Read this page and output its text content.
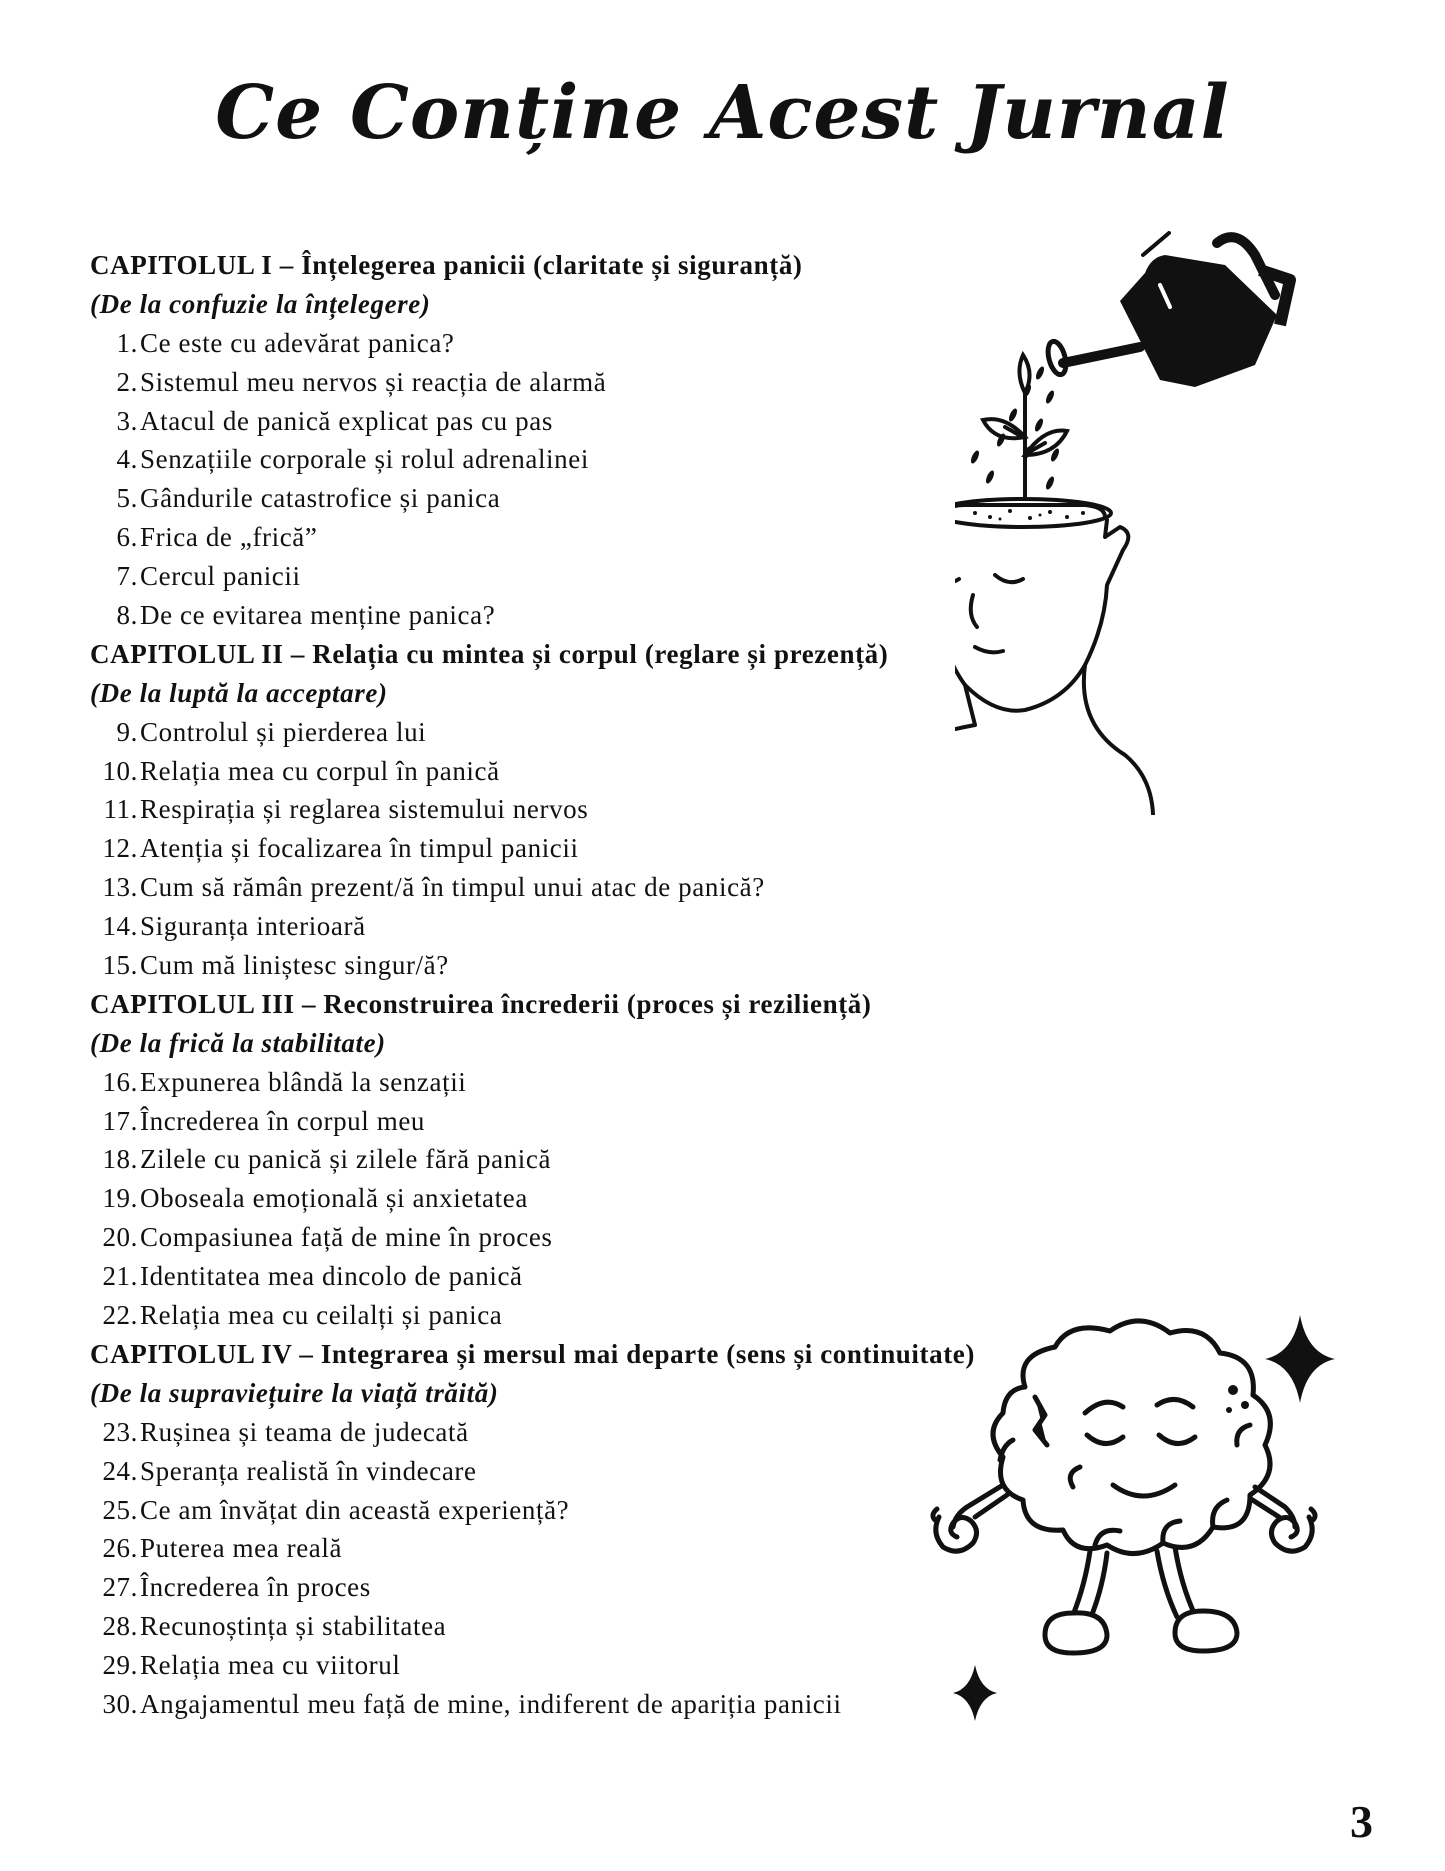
Ce Conține Acest Jurnal
CAPITOLUL I – Înțelegerea panicii (claritate și siguranță)
(De la confuzie la înțelegere)
1. Ce este cu adevărat panica?
2. Sistemul meu nervos și reacția de alarmă
3. Atacul de panică explicat pas cu pas
4. Senzațiile corporale și rolul adrenalinei
5. Gândurile catastrofice și panica
6. Frica de „frică”
7. Cercul panicii
8. De ce evitarea menține panica?
CAPITOLUL II – Relația cu mintea și corpul (reglare și prezență)
(De la luptă la acceptare)
9. Controlul și pierderea lui
10. Relația mea cu corpul în panică
11. Respirația și reglarea sistemului nervos
12. Atenția și focalizarea în timpul panicii
13. Cum să rămân prezent/ă în timpul unui atac de panică?
14. Siguranța interioară
15. Cum mă liniștesc singur/ă?
CAPITOLUL III – Reconstruirea încrederii (proces și reziliență)
(De la frică la stabilitate)
16. Expunerea blândă la senzații
17. Încrederea în corpul meu
18. Zilele cu panică și zilele fără panică
19. Oboseala emoțională și anxietatea
20. Compasiunea față de mine în proces
21. Identitatea mea dincolo de panică
22. Relația mea cu ceilalți și panica
CAPITOLUL IV – Integrarea și mersul mai departe (sens și continuitate)
(De la supraviețuire la viață trăită)
23. Rușinea și teama de judecată
24. Speranța realistă în vindecare
25. Ce am învățat din această experiență?
26. Puterea mea reală
27. Încrederea în proces
28. Recunoștința și stabilitatea
29. Relația mea cu viitorul
30. Angajamentul meu față de mine, indiferent de apariția panicii
3
